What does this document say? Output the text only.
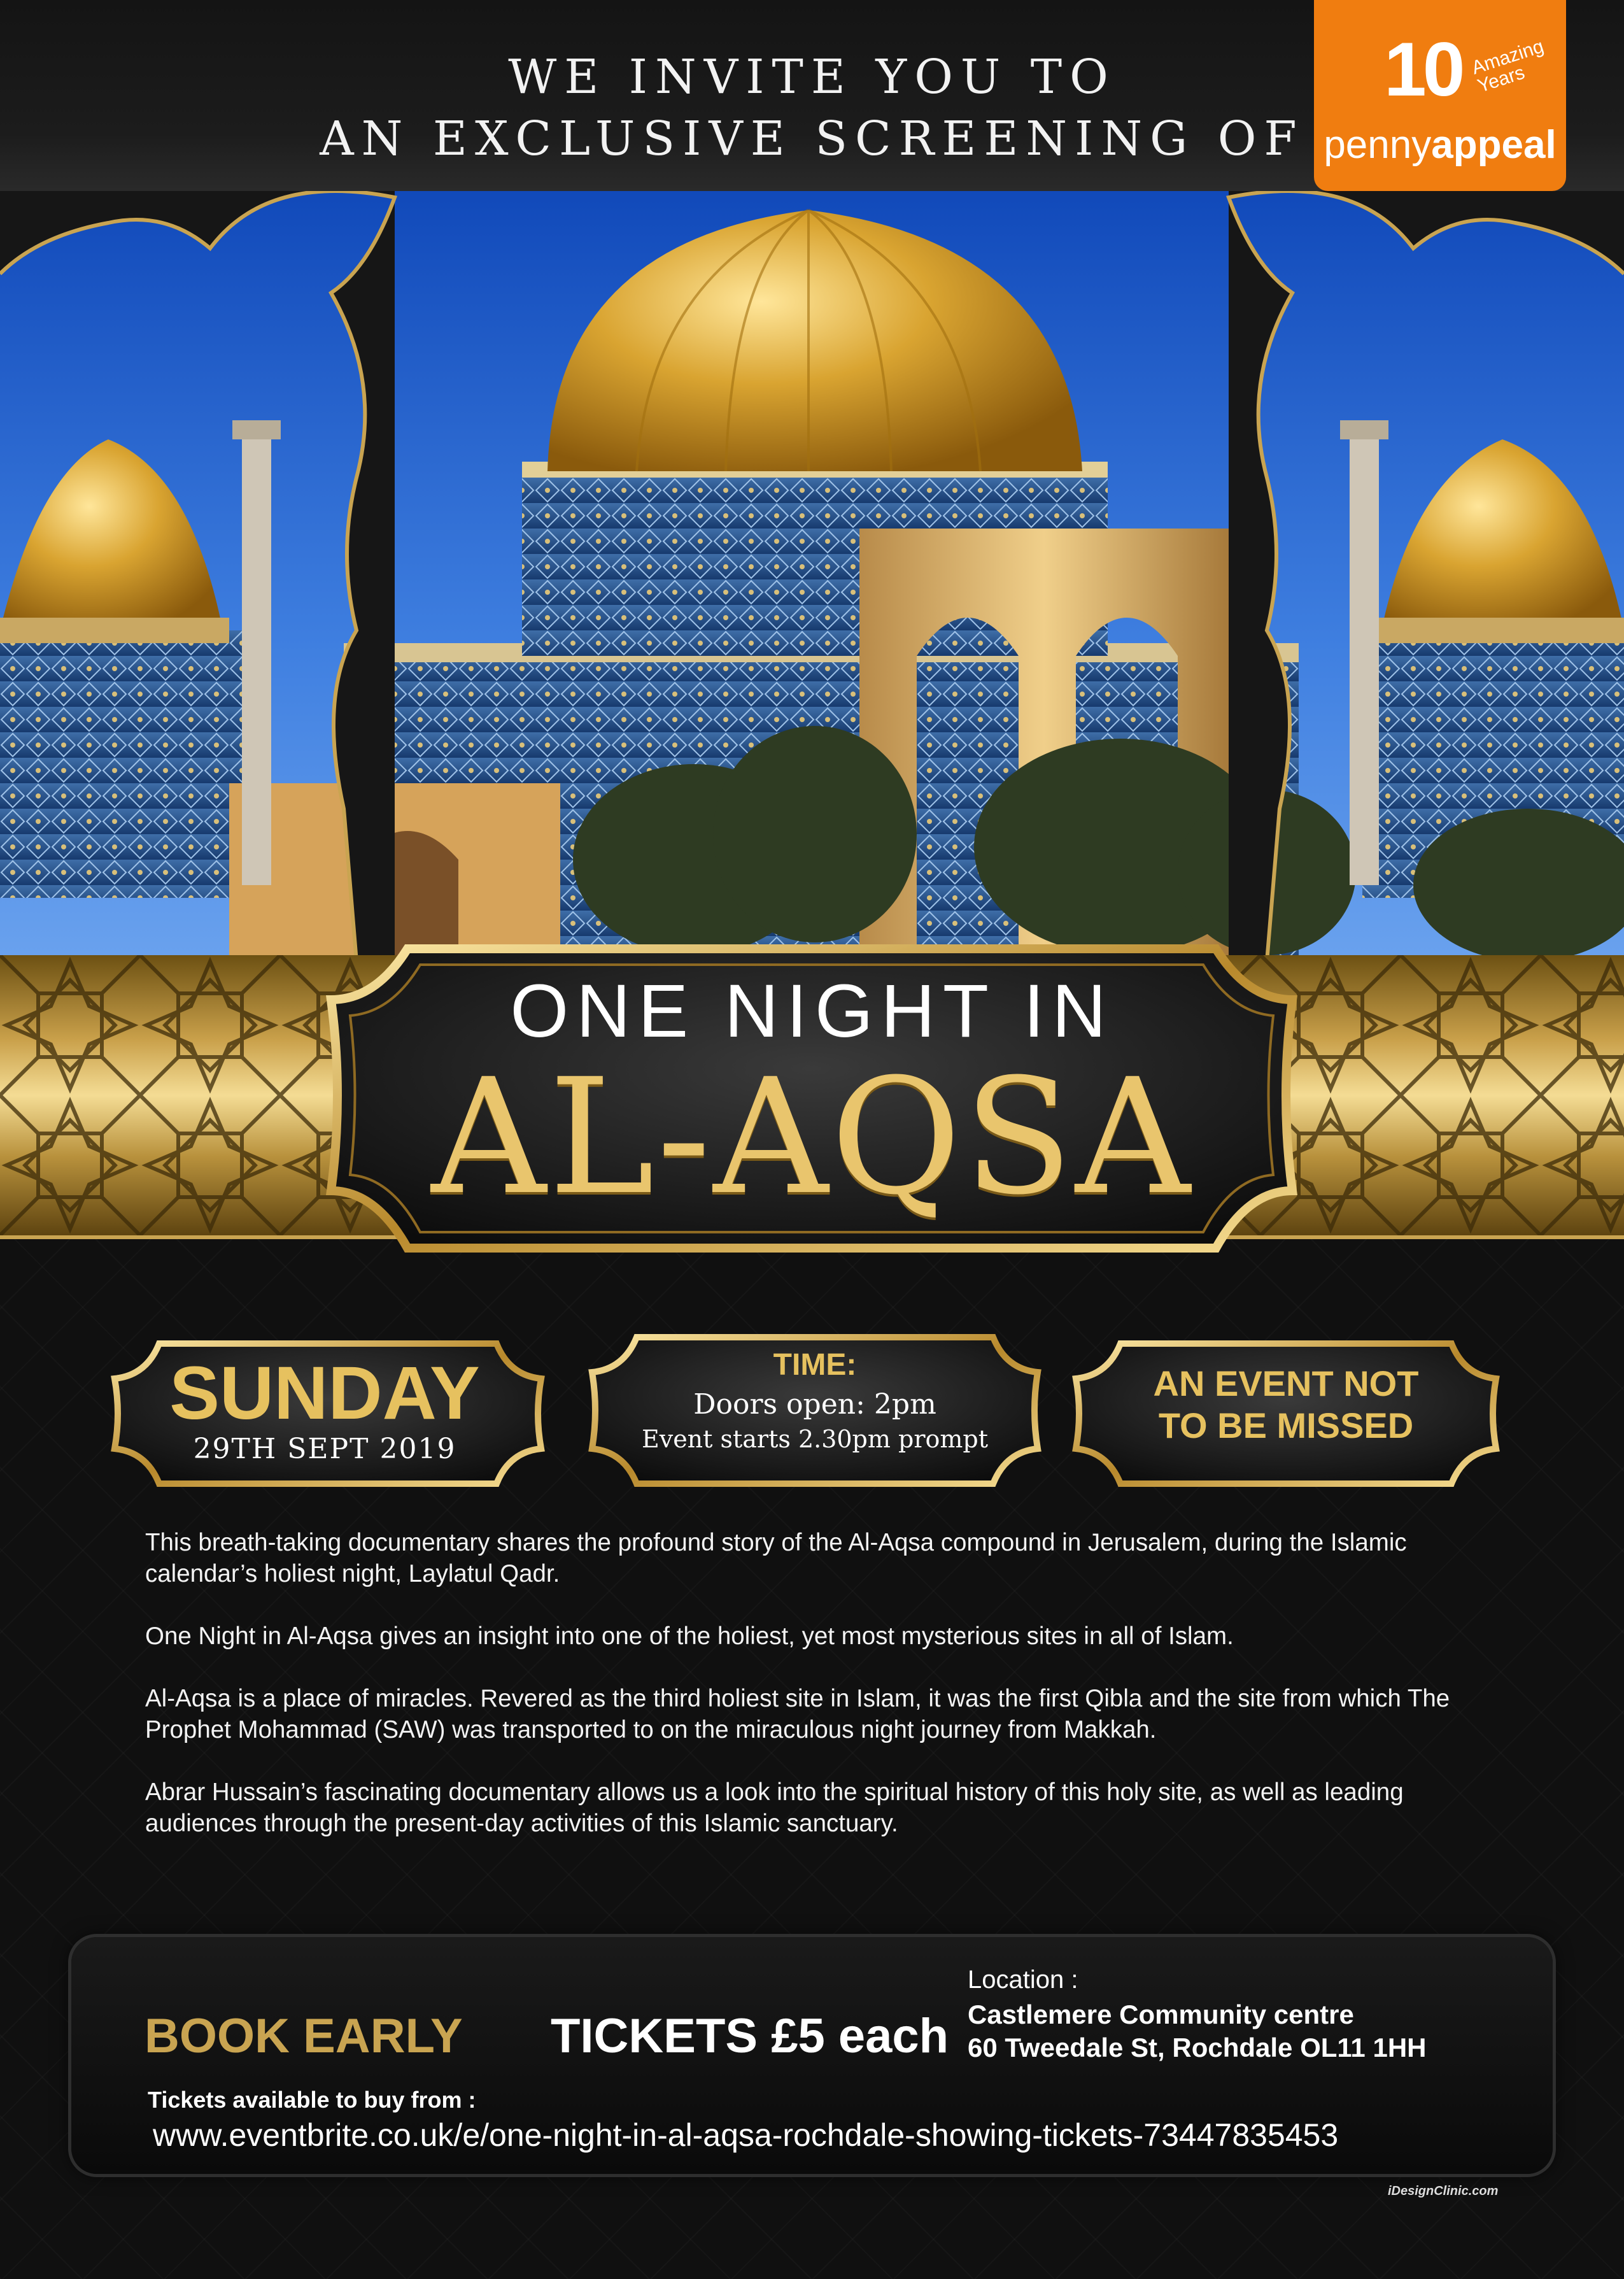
WE INVITE YOU TO
AN EXCLUSIVE SCREENING OF
10 Amazing Years
pennyappeal
ONE NIGHT IN
AL-AQSA
SUNDAY
29TH SEPT 2019
TIME:
Doors open: 2pm
Event starts 2.30pm prompt
AN EVENT NOT
TO BE MISSED

This breath-taking documentary shares the profound story of the Al-Aqsa compound in Jerusalem, during the Islamic calendar’s holiest night, Laylatul Qadr.

One Night in Al-Aqsa gives an insight into one of the holiest, yet most mysterious sites in all of Islam.

Al-Aqsa is a place of miracles. Revered as the third holiest site in Islam, it was the first Qibla and the site from which The Prophet Mohammad (SAW) was transported to on the miraculous night journey from Makkah.

Abrar Hussain’s fascinating documentary allows us a look into the spiritual history of this holy site, as well as leading audiences through the present-day activities of this Islamic sanctuary.

BOOK EARLY TICKETS £5 each
Location :
Castlemere Community centre
60 Tweedale St, Rochdale OL11 1HH
Tickets available to buy from :
www.eventbrite.co.uk/e/one-night-in-al-aqsa-rochdale-showing-tickets-73447835453
iDesignClinic.com
